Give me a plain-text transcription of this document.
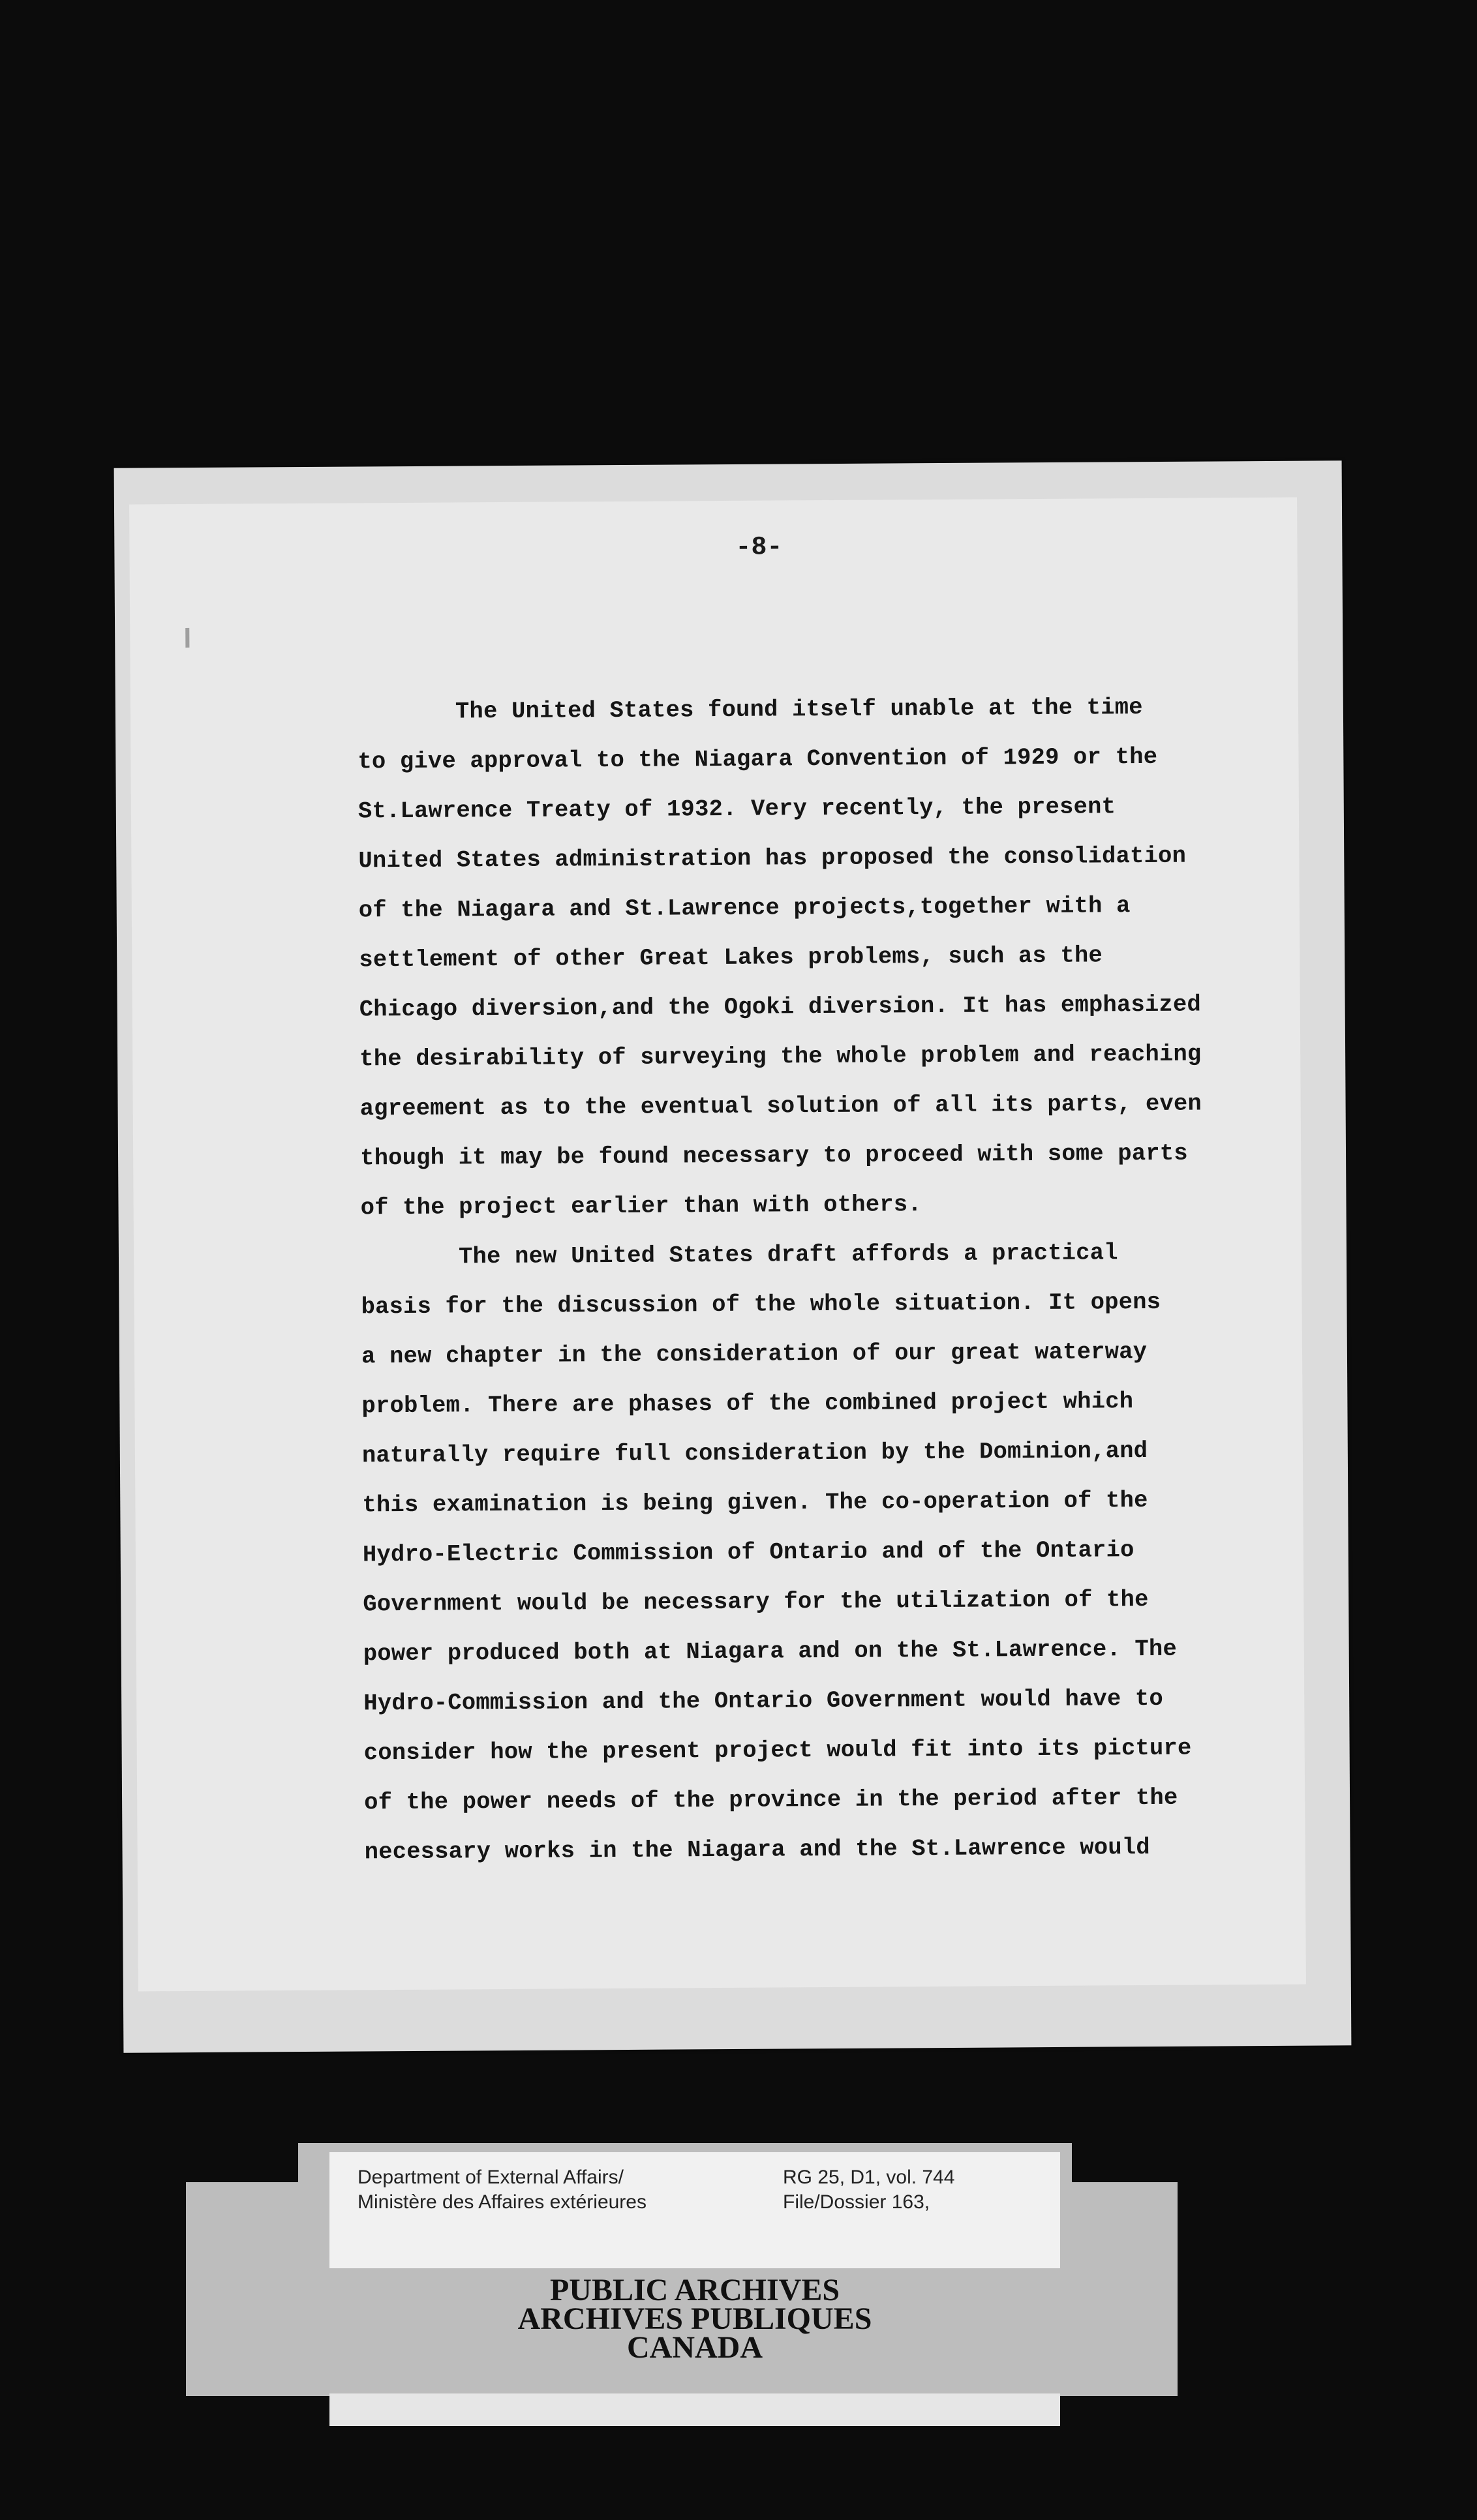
-8-
The United States found itself unable at the time
to give approval to the Niagara Convention of 1929 or the
St.Lawrence Treaty of 1932. Very recently, the present
United States administration has proposed the consolidation
of the Niagara and St.Lawrence projects,together with a
settlement of other Great Lakes problems, such as the
Chicago diversion,and the Ogoki diversion. It has emphasized
the desirability of surveying the whole problem and reaching
agreement as to the eventual solution of all its parts, even
though it may be found necessary to proceed with some parts
of the project earlier than with others.
The new United States draft affords a practical
basis for the discussion of the whole situation. It opens
a new chapter in the consideration of our great waterway
problem. There are phases of the combined project which
naturally require full consideration by the Dominion,and
this examination is being given. The co-operation of the
Hydro-Electric Commission of Ontario and of the Ontario
Government would be necessary for the utilization of the
power produced both at Niagara and on the St.Lawrence. The
Hydro-Commission and the Ontario Government would have to
consider how the present project would fit into its picture
of the power needs of the province in the period after the
necessary works in the Niagara and the St.Lawrence would
Department of External Affairs/
Ministère des Affaires extérieures
RG 25, D1, vol. 744
File/Dossier 163,
PUBLIC ARCHIVES
ARCHIVES PUBLIQUES
CANADA
